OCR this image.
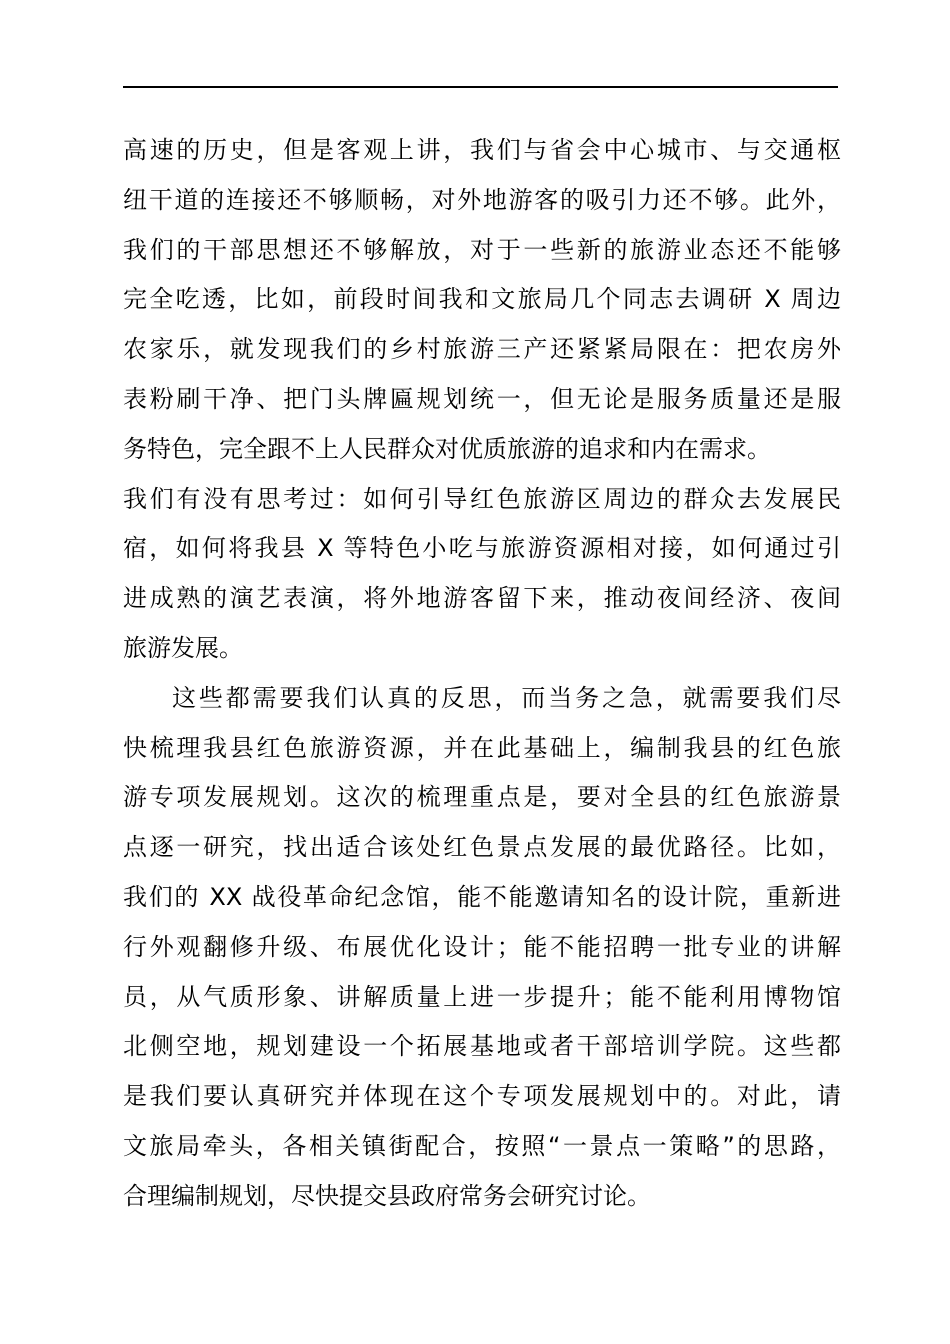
高速的历史，但是客观上讲，我们与省会中心城市、与交通枢
纽干道的连接还不够顺畅，对外地游客的吸引力还不够。此外，
我们的干部思想还不够解放，对于一些新的旅游业态还不能够
完全吃透，比如，前段时间我和文旅局几个同志去调研 X 周边
农家乐，就发现我们的乡村旅游三产还紧紧局限在：把农房外
表粉刷干净、把门头牌匾规划统一，但无论是服务质量还是服
务特色，完全跟不上人民群众对优质旅游的追求和内在需求。
我们有没有思考过：如何引导红色旅游区周边的群众去发展民
宿，如何将我县 X 等特色小吃与旅游资源相对接，如何通过引
进成熟的演艺表演，将外地游客留下来，推动夜间经济、夜间
旅游发展。
这些都需要我们认真的反思，而当务之急，就需要我们尽
快梳理我县红色旅游资源，并在此基础上，编制我县的红色旅
游专项发展规划。这次的梳理重点是，要对全县的红色旅游景
点逐一研究，找出适合该处红色景点发展的最优路径。比如，
我们的 XX 战役革命纪念馆，能不能邀请知名的设计院，重新进
行外观翻修升级、布展优化设计；能不能招聘一批专业的讲解
员，从气质形象、讲解质量上进一步提升；能不能利用博物馆
北侧空地，规划建设一个拓展基地或者干部培训学院。这些都
是我们要认真研究并体现在这个专项发展规划中的。对此，请
文旅局牵头，各相关镇街配合，按照“一景点一策略”的思路，
合理编制规划，尽快提交县政府常务会研究讨论。
